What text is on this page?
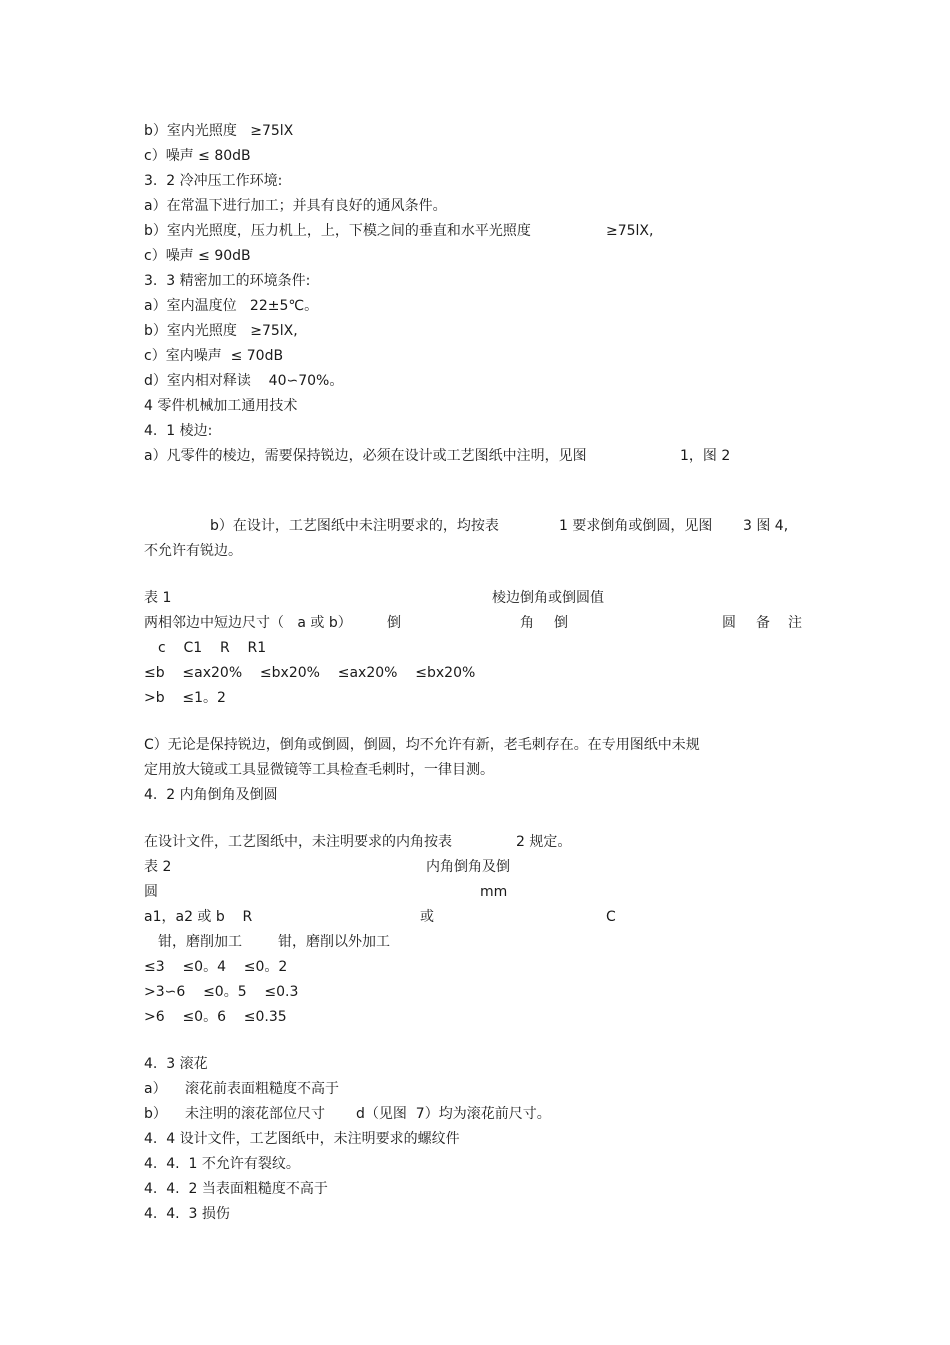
b）室内光照度   ≥75lX
c）噪声 ≤ 80dB
3.  2 冷冲压工作环境:
a）在常温下进行加工；并具有良好的通风条件。
b）室内光照度，压力机上，上，下模之间的垂直和水平光照度	≥75lX,
c）噪声 ≤ 90dB
3.  3 精密加工的环境条件:
a）室内温度位   22±5℃。
b）室内光照度   ≥75lX,
c）室内噪声  ≤ 70dB
d）室内相对释读    40∽70%。
4 零件机械加工通用技术
4.  1 棱边:
a）凡零件的棱边，需要保持锐边，必须在设计或工艺图纸中注明，见图	1，图 2
b）在设计，工艺图纸中未注明要求的，均按表	1 要求倒角或倒圆，见图 3 图 4,
不允许有锐边。
表 1	棱边倒角或倒圆值
两相邻边中短边尺寸（   a 或 b）	倒	角 倒	圆 备 注
c    C1    R    R1
≤b    ≤ax20%    ≤bx20%    ≤ax20%    ≤bx20%
>b    ≤1。2
C）无论是保持锐边，倒角或倒圆，倒圆，均不允许有新，老毛刺存在。在专用图纸中未规
定用放大镜或工具显微镜等工具检查毛刺时，一律目测。
4.  2 内角倒角及倒圆
在设计文件，工艺图纸中，未注明要求的内角按表	2 规定。
表 2	内角倒角及倒
圆	mm
a1，a2 或 b    R	或	C
钳，磨削加工	钳，磨削以外加工
≤3    ≤0。4    ≤0。2
>3∽6    ≤0。5    ≤0.3
>6    ≤0。6    ≤0.35
4.  3 滚花
a） 滚花前表面粗糙度不高于
b） 未注明的滚花部位尺寸 d（见图  7）均为滚花前尺寸。
4.  4 设计文件，工艺图纸中，未注明要求的螺纹件
4.  4.  1 不允许有裂纹。
4.  4.  2 当表面粗糙度不高于
4.  4.  3 损伤
